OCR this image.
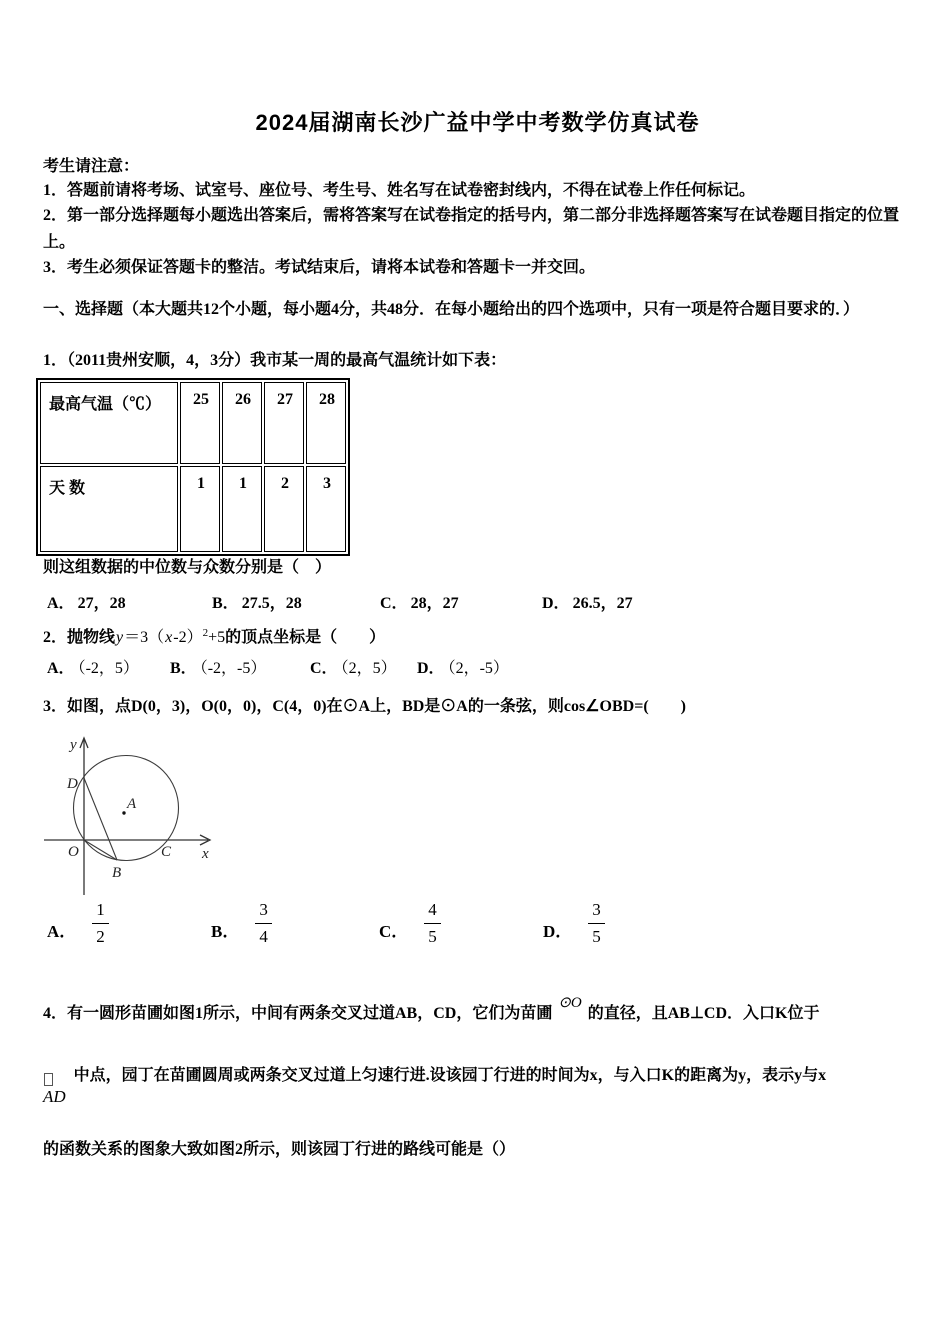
2024届湖南长沙广益中学中考数学仿真试卷
考生请注意：
1．答题前请将考场、试室号、座位号、考生号、姓名写在试卷密封线内，不得在试卷上作任何标记。
2．第一部分选择题每小题选出答案后，需将答案写在试卷指定的括号内，第二部分非选择题答案写在试卷题目指定的位置上。
3．考生必须保证答题卡的整洁。考试结束后，请将本试卷和答题卡一并交回。
一、选择题（本大题共12个小题，每小题4分，共48分．在每小题给出的四个选项中，只有一项是符合题目要求的．）
1．（2011贵州安顺，4，3分）我市某一周的最高气温统计如下表：
最高气温（℃）	25	26	27	28
天 数	1	1	2	3
则这组数据的中位数与众数分别是（　）
A． 27，28	B． 27.5，28	C． 28，27	D． 26.5，27
2．抛物线$y=3(x-2)^2+5$的顶点坐标是（　　）
A． （-2，5）	B． （-2，-5）	C． （2，5）	D． （2，-5）
3．如图，点D(0，3)，O(0，0)，C(4，0)在⊙A上，BD是⊙A的一条弦，则cos∠OBD=(　　)
y
x
D
O
A
C
B
A． $\frac{1}{2}$	B． $\frac{3}{4}$	C． $\frac{4}{5}$	D． $\frac{3}{5}$
4．有一圆形苗圃如图1所示，中间有两条交叉过道AB，CD，它们为苗圃⊙O的直径，且AB⊥CD．入口K位于
AD
中点，园丁在苗圃圆周或两条交叉过道上匀速行进.设该园丁行进的时间为x，与入口K的距离为y，表示y与x
的函数关系的图象大致如图2所示，则该园丁行进的路线可能是（）
